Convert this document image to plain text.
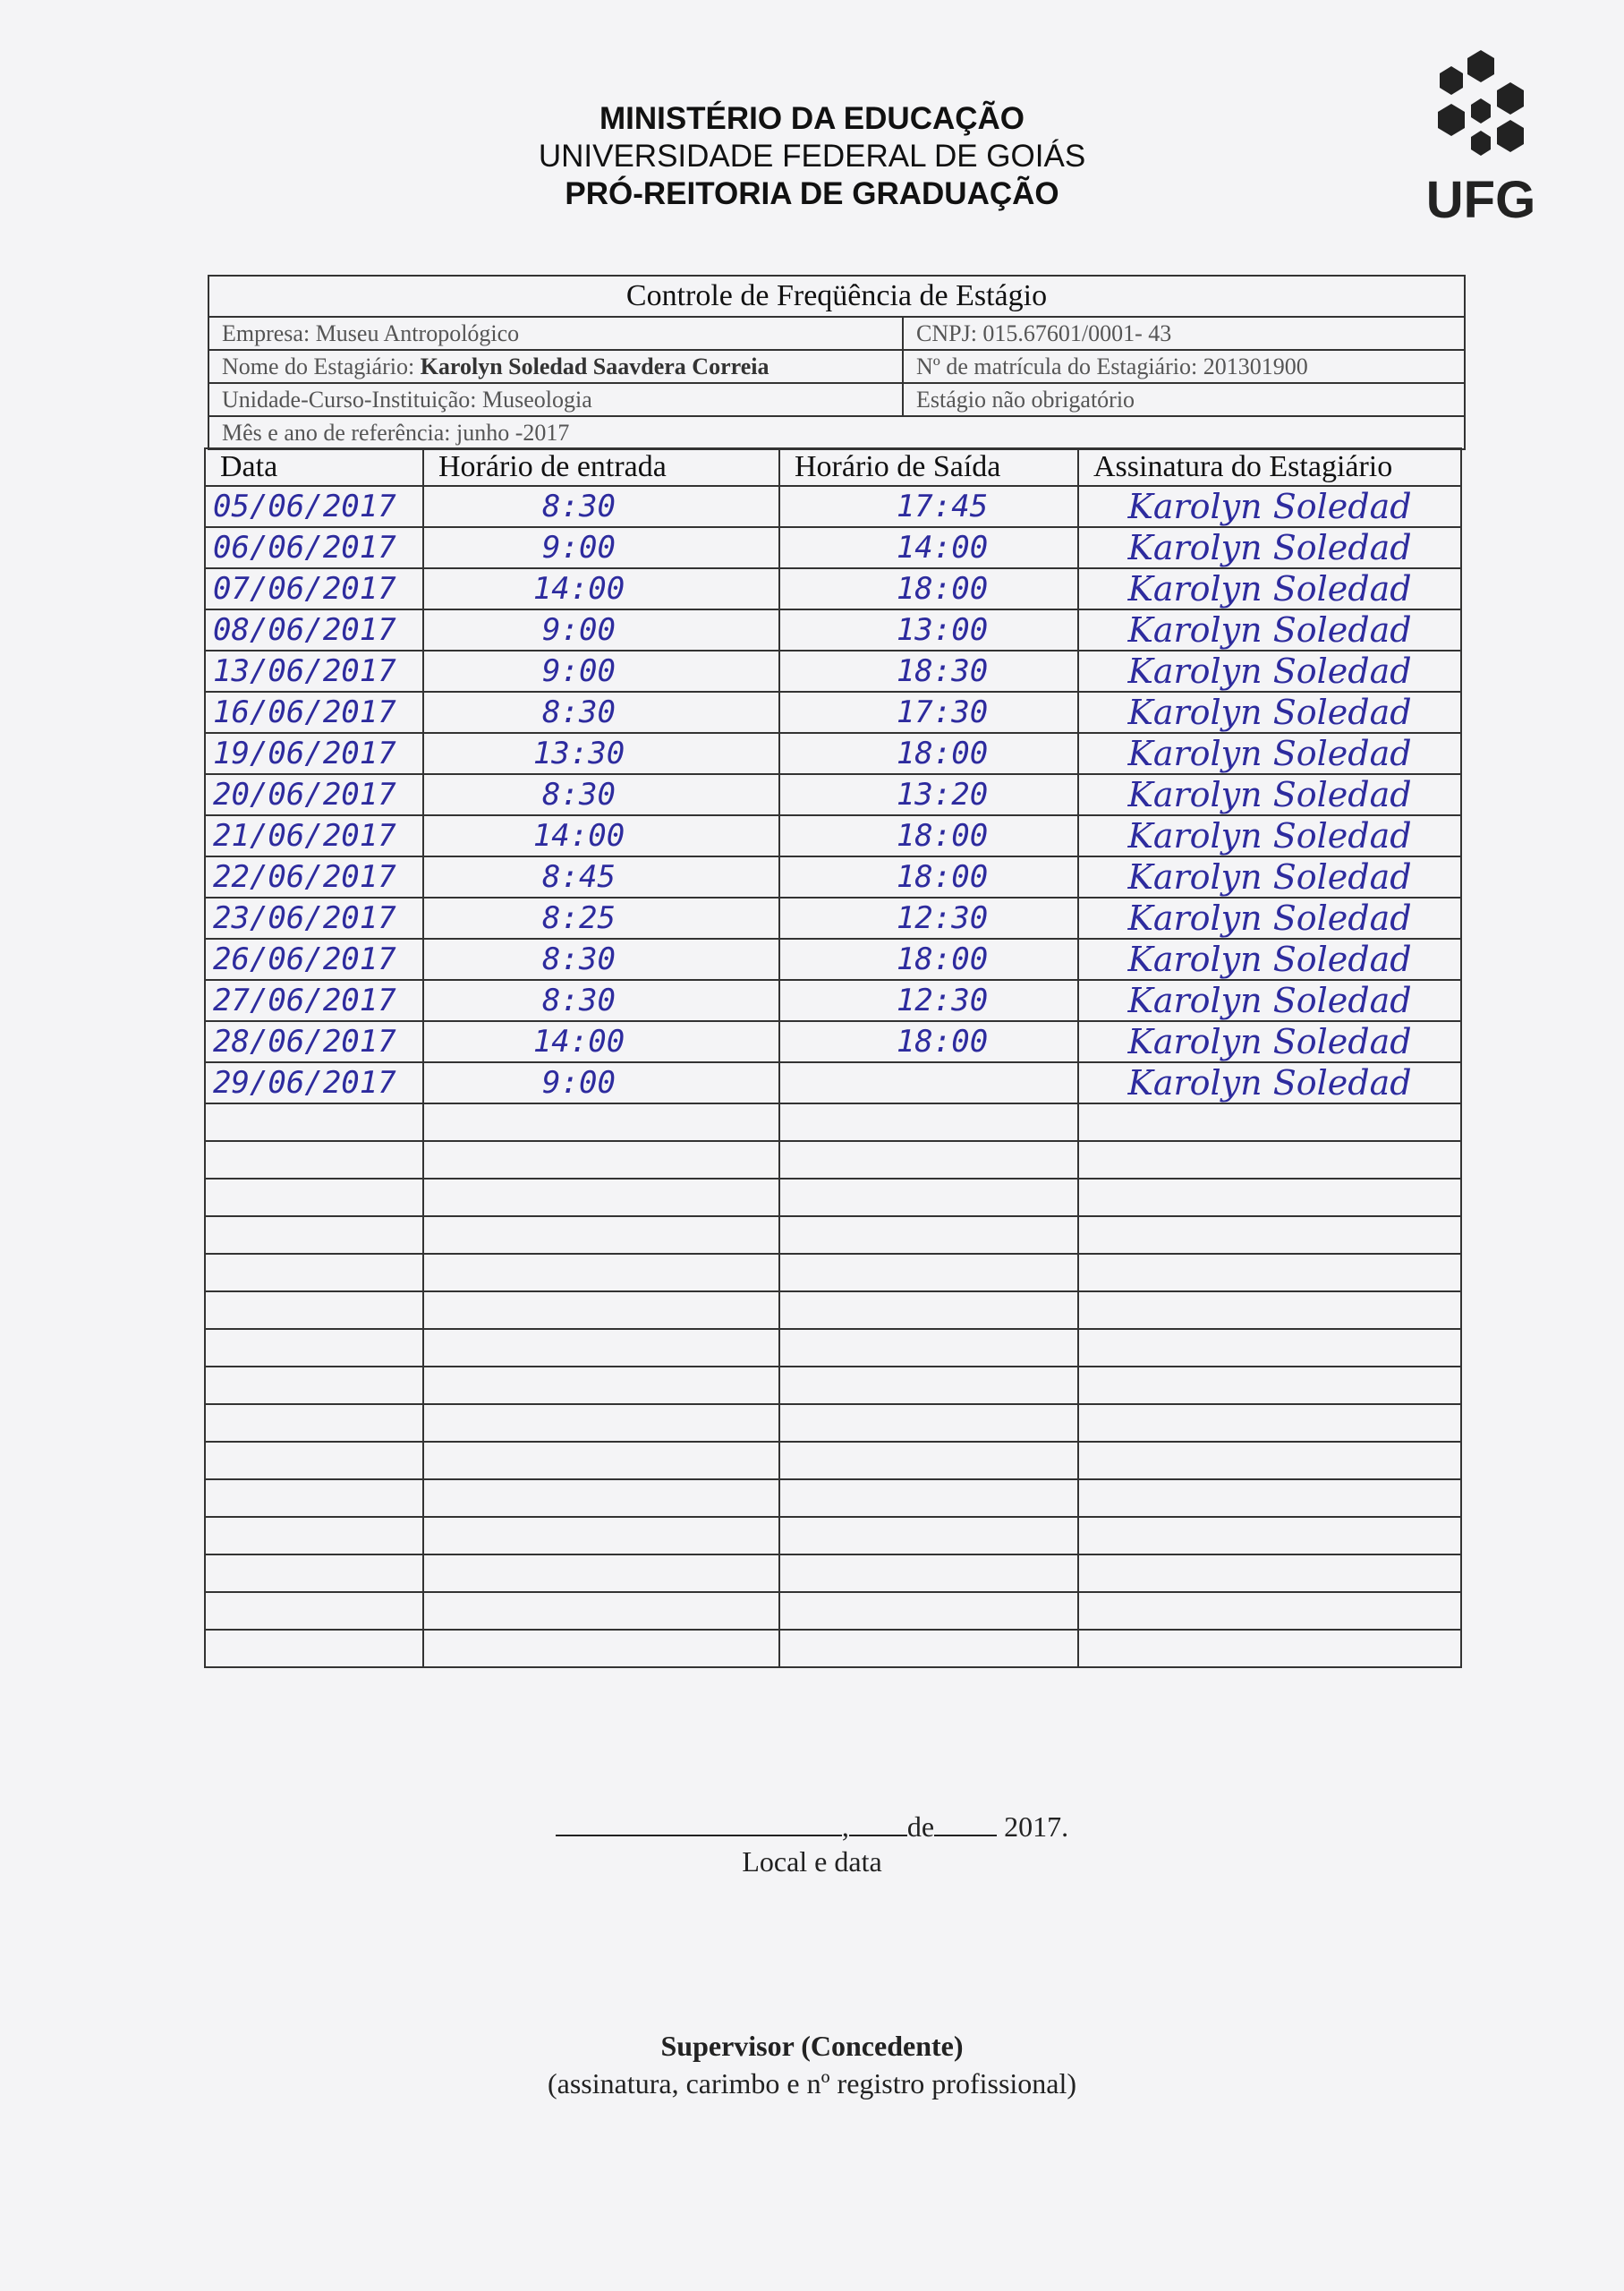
MINISTÉRIO DA EDUCAÇÃO
UNIVERSIDADE FEDERAL DE GOIÁS
PRÓ-REITORIA DE GRADUAÇÃO	UFG
Controle de Freqüência de Estágio	
Empresa: Museu Antropológico	CNPJ: 015.67601/0001- 43
Nome do Estagiário: Karolyn Soledad Saavdera Correia	Nº de matrícula do Estagiário: 201301900
Unidade-Curso-Instituição: Museologia	Estágio não obrigatório
Mês e ano de referência: junho -2017	
Data	Horário de entrada	Horário de Saída	Assinatura do Estagiário
05/06/2017	8:30	17:45	Karolyn Soledad
06/06/2017	9:00	14:00	Karolyn Soledad
07/06/2017	14:00	18:00	Karolyn Soledad
08/06/2017	9:00	13:00	Karolyn Soledad
13/06/2017	9:00	18:30	Karolyn Soledad
16/06/2017	8:30	17:30	Karolyn Soledad
19/06/2017	13:30	18:00	Karolyn Soledad
20/06/2017	8:30	13:20	Karolyn Soledad
21/06/2017	14:00	18:00	Karolyn Soledad
22/06/2017	8:45	18:00	Karolyn Soledad
23/06/2017	8:25	12:30	Karolyn Soledad
26/06/2017	8:30	18:00	Karolyn Soledad
27/06/2017	8:30	12:30	Karolyn Soledad
28/06/2017	14:00	18:00	Karolyn Soledad
29/06/2017	9:00		Karolyn Soledad

, de 2017.
Local e data
Supervisor (Concedente)
(assinatura, carimbo e nº registro profissional)
